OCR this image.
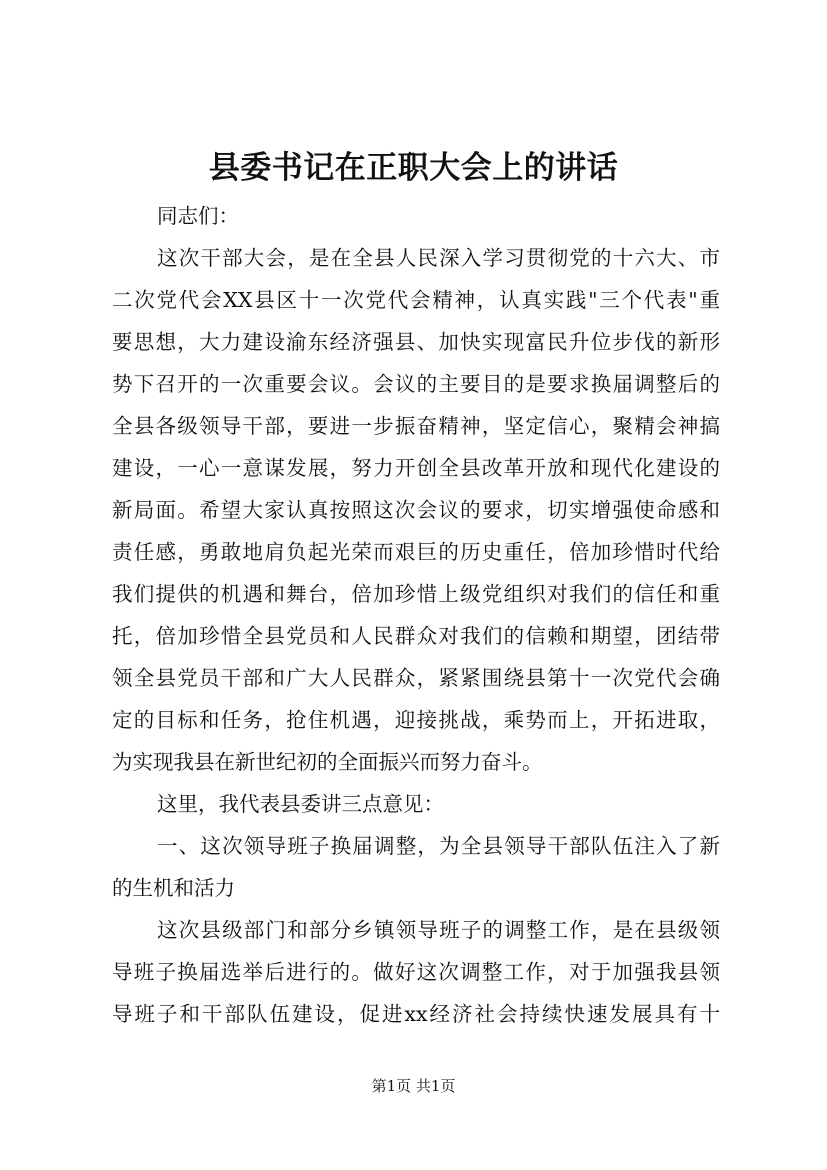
县委书记在正职大会上的讲话
同志们：
这次干部大会，是在全县人民深入学习贯彻党的十六大、市
二次党代会XX县区十一次党代会精神，认真实践"三个代表"重
要思想，大力建设渝东经济强县、加快实现富民升位步伐的新形
势下召开的一次重要会议。会议的主要目的是要求换届调整后的
全县各级领导干部，要进一步振奋精神，坚定信心，聚精会神搞
建设，一心一意谋发展，努力开创全县改革开放和现代化建设的
新局面。希望大家认真按照这次会议的要求，切实增强使命感和
责任感，勇敢地肩负起光荣而艰巨的历史重任，倍加珍惜时代给
我们提供的机遇和舞台，倍加珍惜上级党组织对我们的信任和重
托，倍加珍惜全县党员和人民群众对我们的信赖和期望，团结带
领全县党员干部和广大人民群众，紧紧围绕县第十一次党代会确
定的目标和任务，抢住机遇，迎接挑战，乘势而上，开拓进取，
为实现我县在新世纪初的全面振兴而努力奋斗。
这里，我代表县委讲三点意见：
一、这次领导班子换届调整，为全县领导干部队伍注入了新
的生机和活力
这次县级部门和部分乡镇领导班子的调整工作，是在县级领
导班子换届选举后进行的。做好这次调整工作，对于加强我县领
导班子和干部队伍建设，促进xx经济社会持续快速发展具有十
第1页 共1页
